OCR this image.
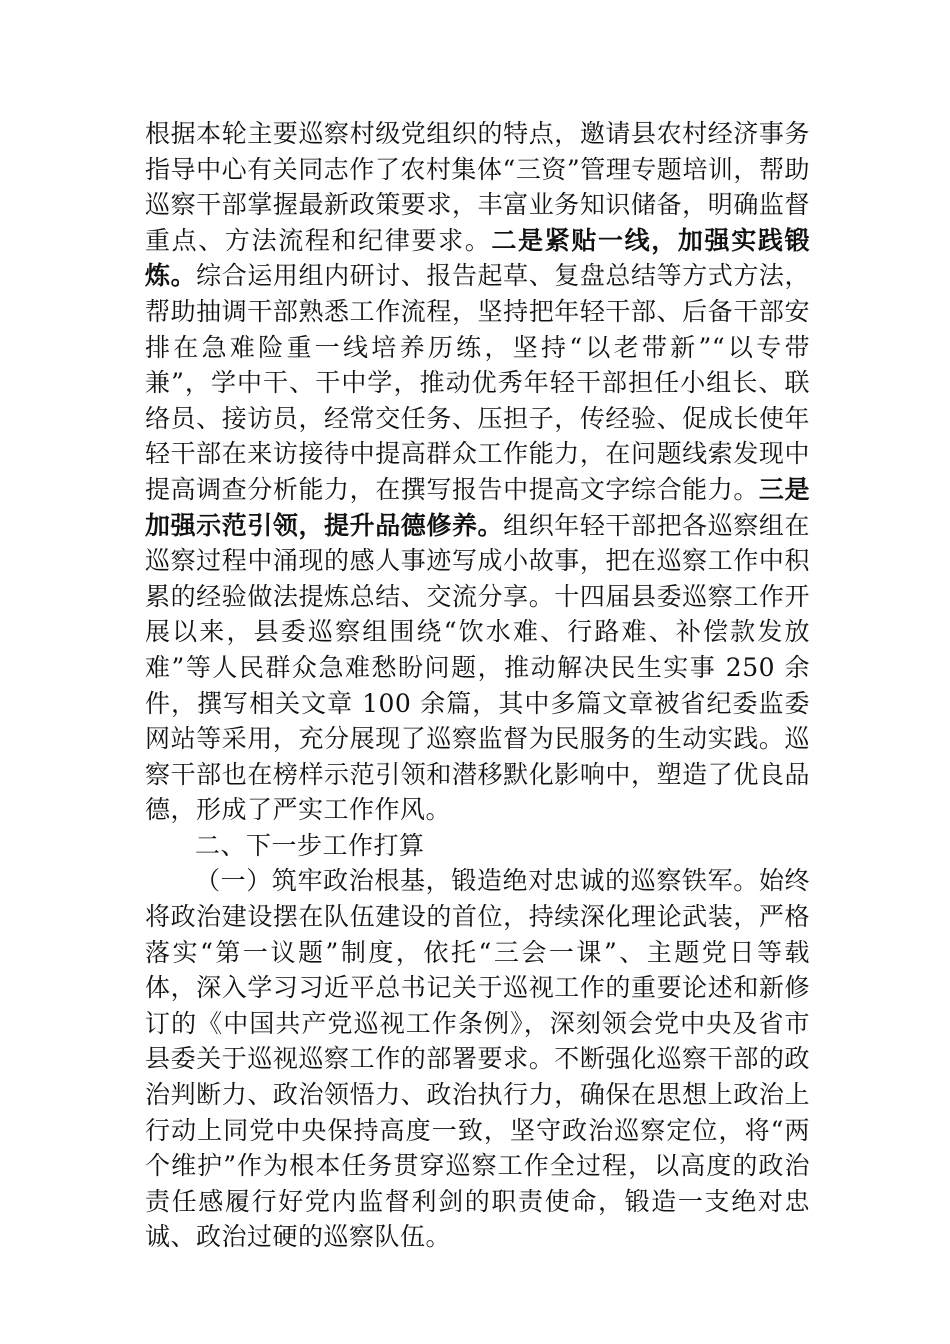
根据本轮主要巡察村级党组织的特点，邀请县农村经济事务指导中心有关同志作了农村集体“三资”管理专题培训，帮助巡察干部掌握最新政策要求，丰富业务知识储备，明确监督重点、方法流程和纪律要求。二是紧贴一线，加强实践锻炼。综合运用组内研讨、报告起草、复盘总结等方式方法，帮助抽调干部熟悉工作流程，坚持把年轻干部、后备干部安排在急难险重一线培养历练，坚持“以老带新”“以专带兼”，学中干、干中学，推动优秀年轻干部担任小组长、联络员、接访员，经常交任务、压担子，传经验、促成长使年轻干部在来访接待中提高群众工作能力，在问题线索发现中提高调查分析能力，在撰写报告中提高文字综合能力。三是加强示范引领，提升品德修养。组织年轻干部把各巡察组在巡察过程中涌现的感人事迹写成小故事，把在巡察工作中积累的经验做法提炼总结、交流分享。十四届县委巡察工作开展以来，县委巡察组围绕“饮水难、行路难、补偿款发放难”等人民群众急难愁盼问题，推动解决民生实事 250 余件，撰写相关文章 100 余篇，其中多篇文章被省纪委监委网站等采用，充分展现了巡察监督为民服务的生动实践。巡察干部也在榜样示范引领和潜移默化影响中，塑造了优良品德，形成了严实工作作风。

二、下一步工作打算

（一）筑牢政治根基，锻造绝对忠诚的巡察铁军。始终将政治建设摆在队伍建设的首位，持续深化理论武装，严格落实“第一议题”制度，依托“三会一课”、主题党日等载体，深入学习习近平总书记关于巡视工作的重要论述和新修订的《中国共产党巡视工作条例》，深刻领会党中央及省市县委关于巡视巡察工作的部署要求。不断强化巡察干部的政治判断力、政治领悟力、政治执行力，确保在思想上政治上行动上同党中央保持高度一致，坚守政治巡察定位，将“两个维护”作为根本任务贯穿巡察工作全过程，以高度的政治责任感履行好党内监督利剑的职责使命，锻造一支绝对忠诚、政治过硬的巡察队伍。
